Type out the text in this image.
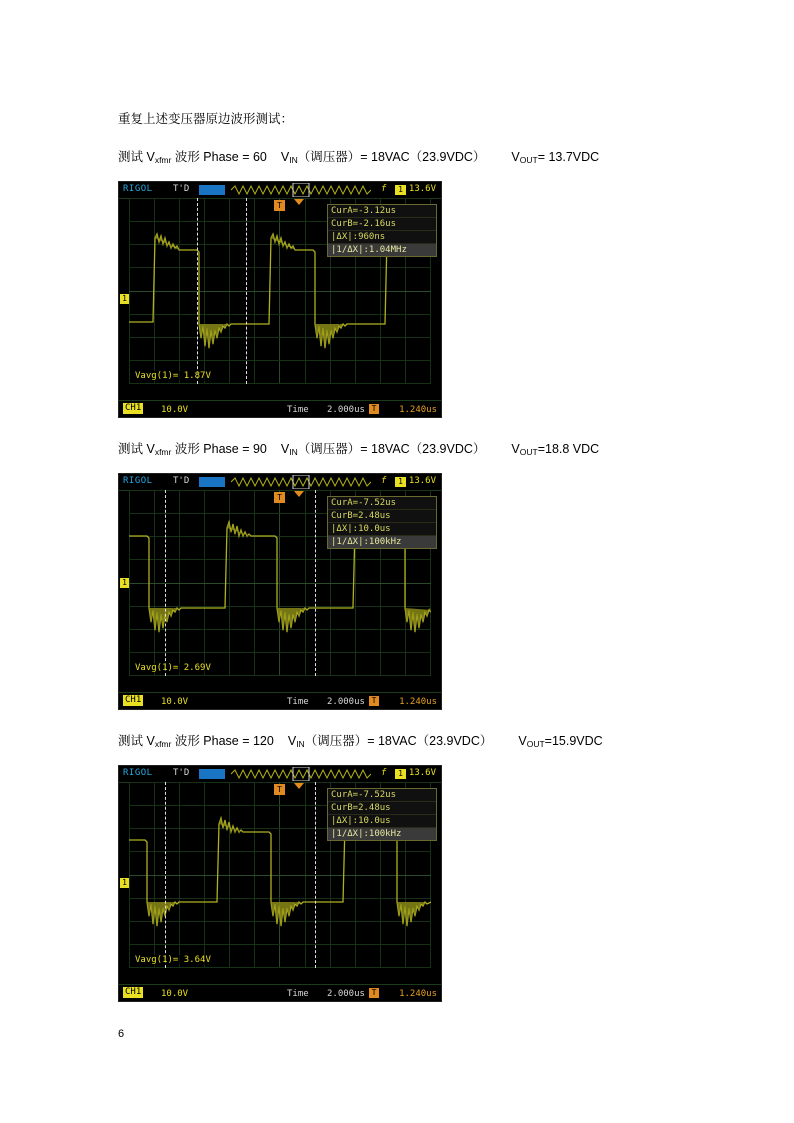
重复上述变压器原边波形测试：

测试 $V_{xfmr}$ 波形 Phase = 60 $V_{IN}$（调压器）= 18VAC（23.9VDC） $V_{OUT}= 13.7VDC$

RIGOL T'D	f	1 13.6V
1
T
CurA=-3.12us
CurB=-2.16us
|ΔX|:960ns
|1/ΔX|:1.04MHz
Vavg(1)= 1.87V
CH1 10.0V	Time 2.000us T	1.240us

测试 $V_{xfmr}$ 波形 Phase = 90 $V_{IN}$（调压器）= 18VAC（23.9VDC） $V_{OUT}=18.8$ VDC

RIGOL T'D	f	1 13.6V
1
T
CurA=-7.52us
CurB=2.48us
|ΔX|:10.0us
|1/ΔX|:100kHz
Vavg(1)= 2.69V
CH1 10.0V	Time 2.000us T	1.240us

测试 $V_{xfmr}$ 波形 Phase = 120 $V_{IN}$（调压器）= 18VAC（23.9VDC） $V_{OUT}=15.9VDC$

RIGOL T'D	f	1 13.6V
1
T
CurA=-7.52us
CurB=2.48us
|ΔX|:10.0us
|1/ΔX|:100kHz
Vavg(1)= 3.64V
CH1 10.0V	Time 2.000us T	1.240us
6
